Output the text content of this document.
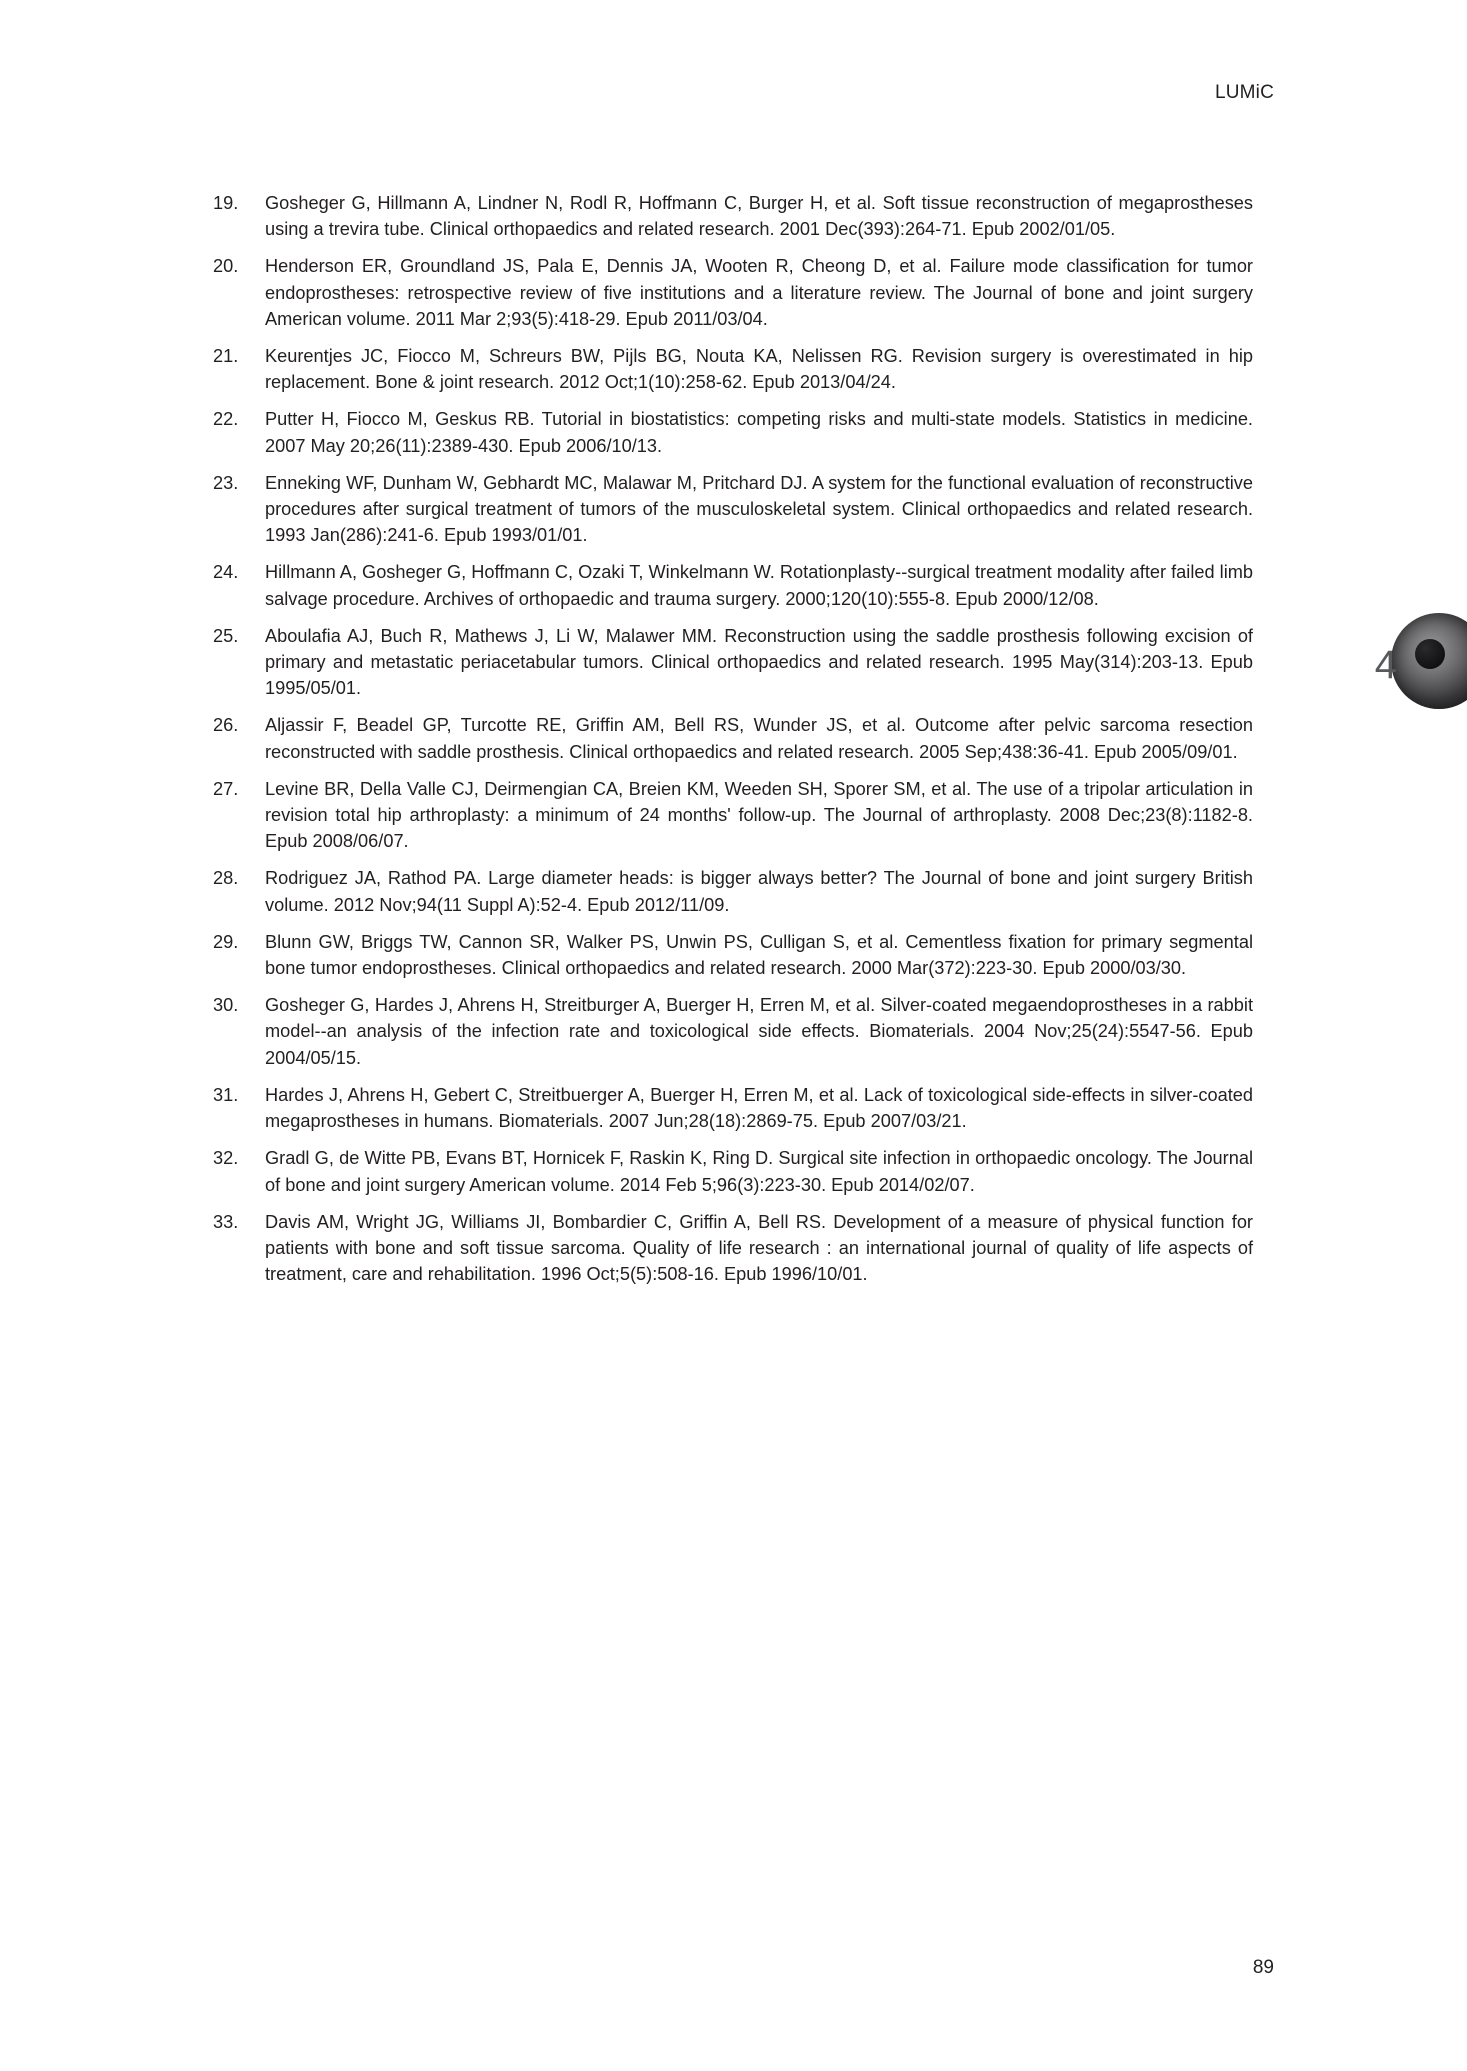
LUMiC
4
19.	Gosheger G, Hillmann A, Lindner N, Rodl R, Hoffmann C, Burger H, et al. Soft tissue reconstruction of megaprostheses using a trevira tube. Clinical orthopaedics and related research. 2001 Dec(393):264-71. Epub 2002/01/05.
20.	Henderson ER, Groundland JS, Pala E, Dennis JA, Wooten R, Cheong D, et al. Failure mode classification for tumor endoprostheses: retrospective review of five institutions and a literature review. The Journal of bone and joint surgery American volume. 2011 Mar 2;93(5):418-29. Epub 2011/03/04.
21.	Keurentjes JC, Fiocco M, Schreurs BW, Pijls BG, Nouta KA, Nelissen RG. Revision surgery is overestimated in hip replacement. Bone & joint research. 2012 Oct;1(10):258-62. Epub 2013/04/24.
22.	Putter H, Fiocco M, Geskus RB. Tutorial in biostatistics: competing risks and multi-state models. Statistics in medicine. 2007 May 20;26(11):2389-430. Epub 2006/10/13.
23.	Enneking WF, Dunham W, Gebhardt MC, Malawar M, Pritchard DJ. A system for the functional evaluation of reconstructive procedures after surgical treatment of tumors of the musculoskeletal system. Clinical orthopaedics and related research. 1993 Jan(286):241-6. Epub 1993/01/01.
24.	Hillmann A, Gosheger G, Hoffmann C, Ozaki T, Winkelmann W. Rotationplasty--surgical treatment modality after failed limb salvage procedure. Archives of orthopaedic and trauma surgery. 2000;120(10):555-8. Epub 2000/12/08.
25.	Aboulafia AJ, Buch R, Mathews J, Li W, Malawer MM. Reconstruction using the saddle prosthesis following excision of primary and metastatic periacetabular tumors. Clinical orthopaedics and related research. 1995 May(314):203-13. Epub 1995/05/01.
26.	Aljassir F, Beadel GP, Turcotte RE, Griffin AM, Bell RS, Wunder JS, et al. Outcome after pelvic sarcoma resection reconstructed with saddle prosthesis. Clinical orthopaedics and related research. 2005 Sep;438:36-41. Epub 2005/09/01.
27.	Levine BR, Della Valle CJ, Deirmengian CA, Breien KM, Weeden SH, Sporer SM, et al. The use of a tripolar articulation in revision total hip arthroplasty: a minimum of 24 months' follow-up. The Journal of arthroplasty. 2008 Dec;23(8):1182-8. Epub 2008/06/07.
28.	Rodriguez JA, Rathod PA. Large diameter heads: is bigger always better? The Journal of bone and joint surgery British volume. 2012 Nov;94(11 Suppl A):52-4. Epub 2012/11/09.
29.	Blunn GW, Briggs TW, Cannon SR, Walker PS, Unwin PS, Culligan S, et al. Cementless fixation for primary segmental bone tumor endoprostheses. Clinical orthopaedics and related research. 2000 Mar(372):223-30. Epub 2000/03/30.
30.	Gosheger G, Hardes J, Ahrens H, Streitburger A, Buerger H, Erren M, et al. Silver-coated megaendoprostheses in a rabbit model--an analysis of the infection rate and toxicological side effects. Biomaterials. 2004 Nov;25(24):5547-56. Epub 2004/05/15.
31.	Hardes J, Ahrens H, Gebert C, Streitbuerger A, Buerger H, Erren M, et al. Lack of toxicological side-effects in silver-coated megaprostheses in humans. Biomaterials. 2007 Jun;28(18):2869-75. Epub 2007/03/21.
32.	Gradl G, de Witte PB, Evans BT, Hornicek F, Raskin K, Ring D. Surgical site infection in orthopaedic oncology. The Journal of bone and joint surgery American volume. 2014 Feb 5;96(3):223-30. Epub 2014/02/07.
33.	Davis AM, Wright JG, Williams JI, Bombardier C, Griffin A, Bell RS. Development of a measure of physical function for patients with bone and soft tissue sarcoma. Quality of life research : an international journal of quality of life aspects of treatment, care and rehabilitation. 1996 Oct;5(5):508-16. Epub 1996/10/01.
89
